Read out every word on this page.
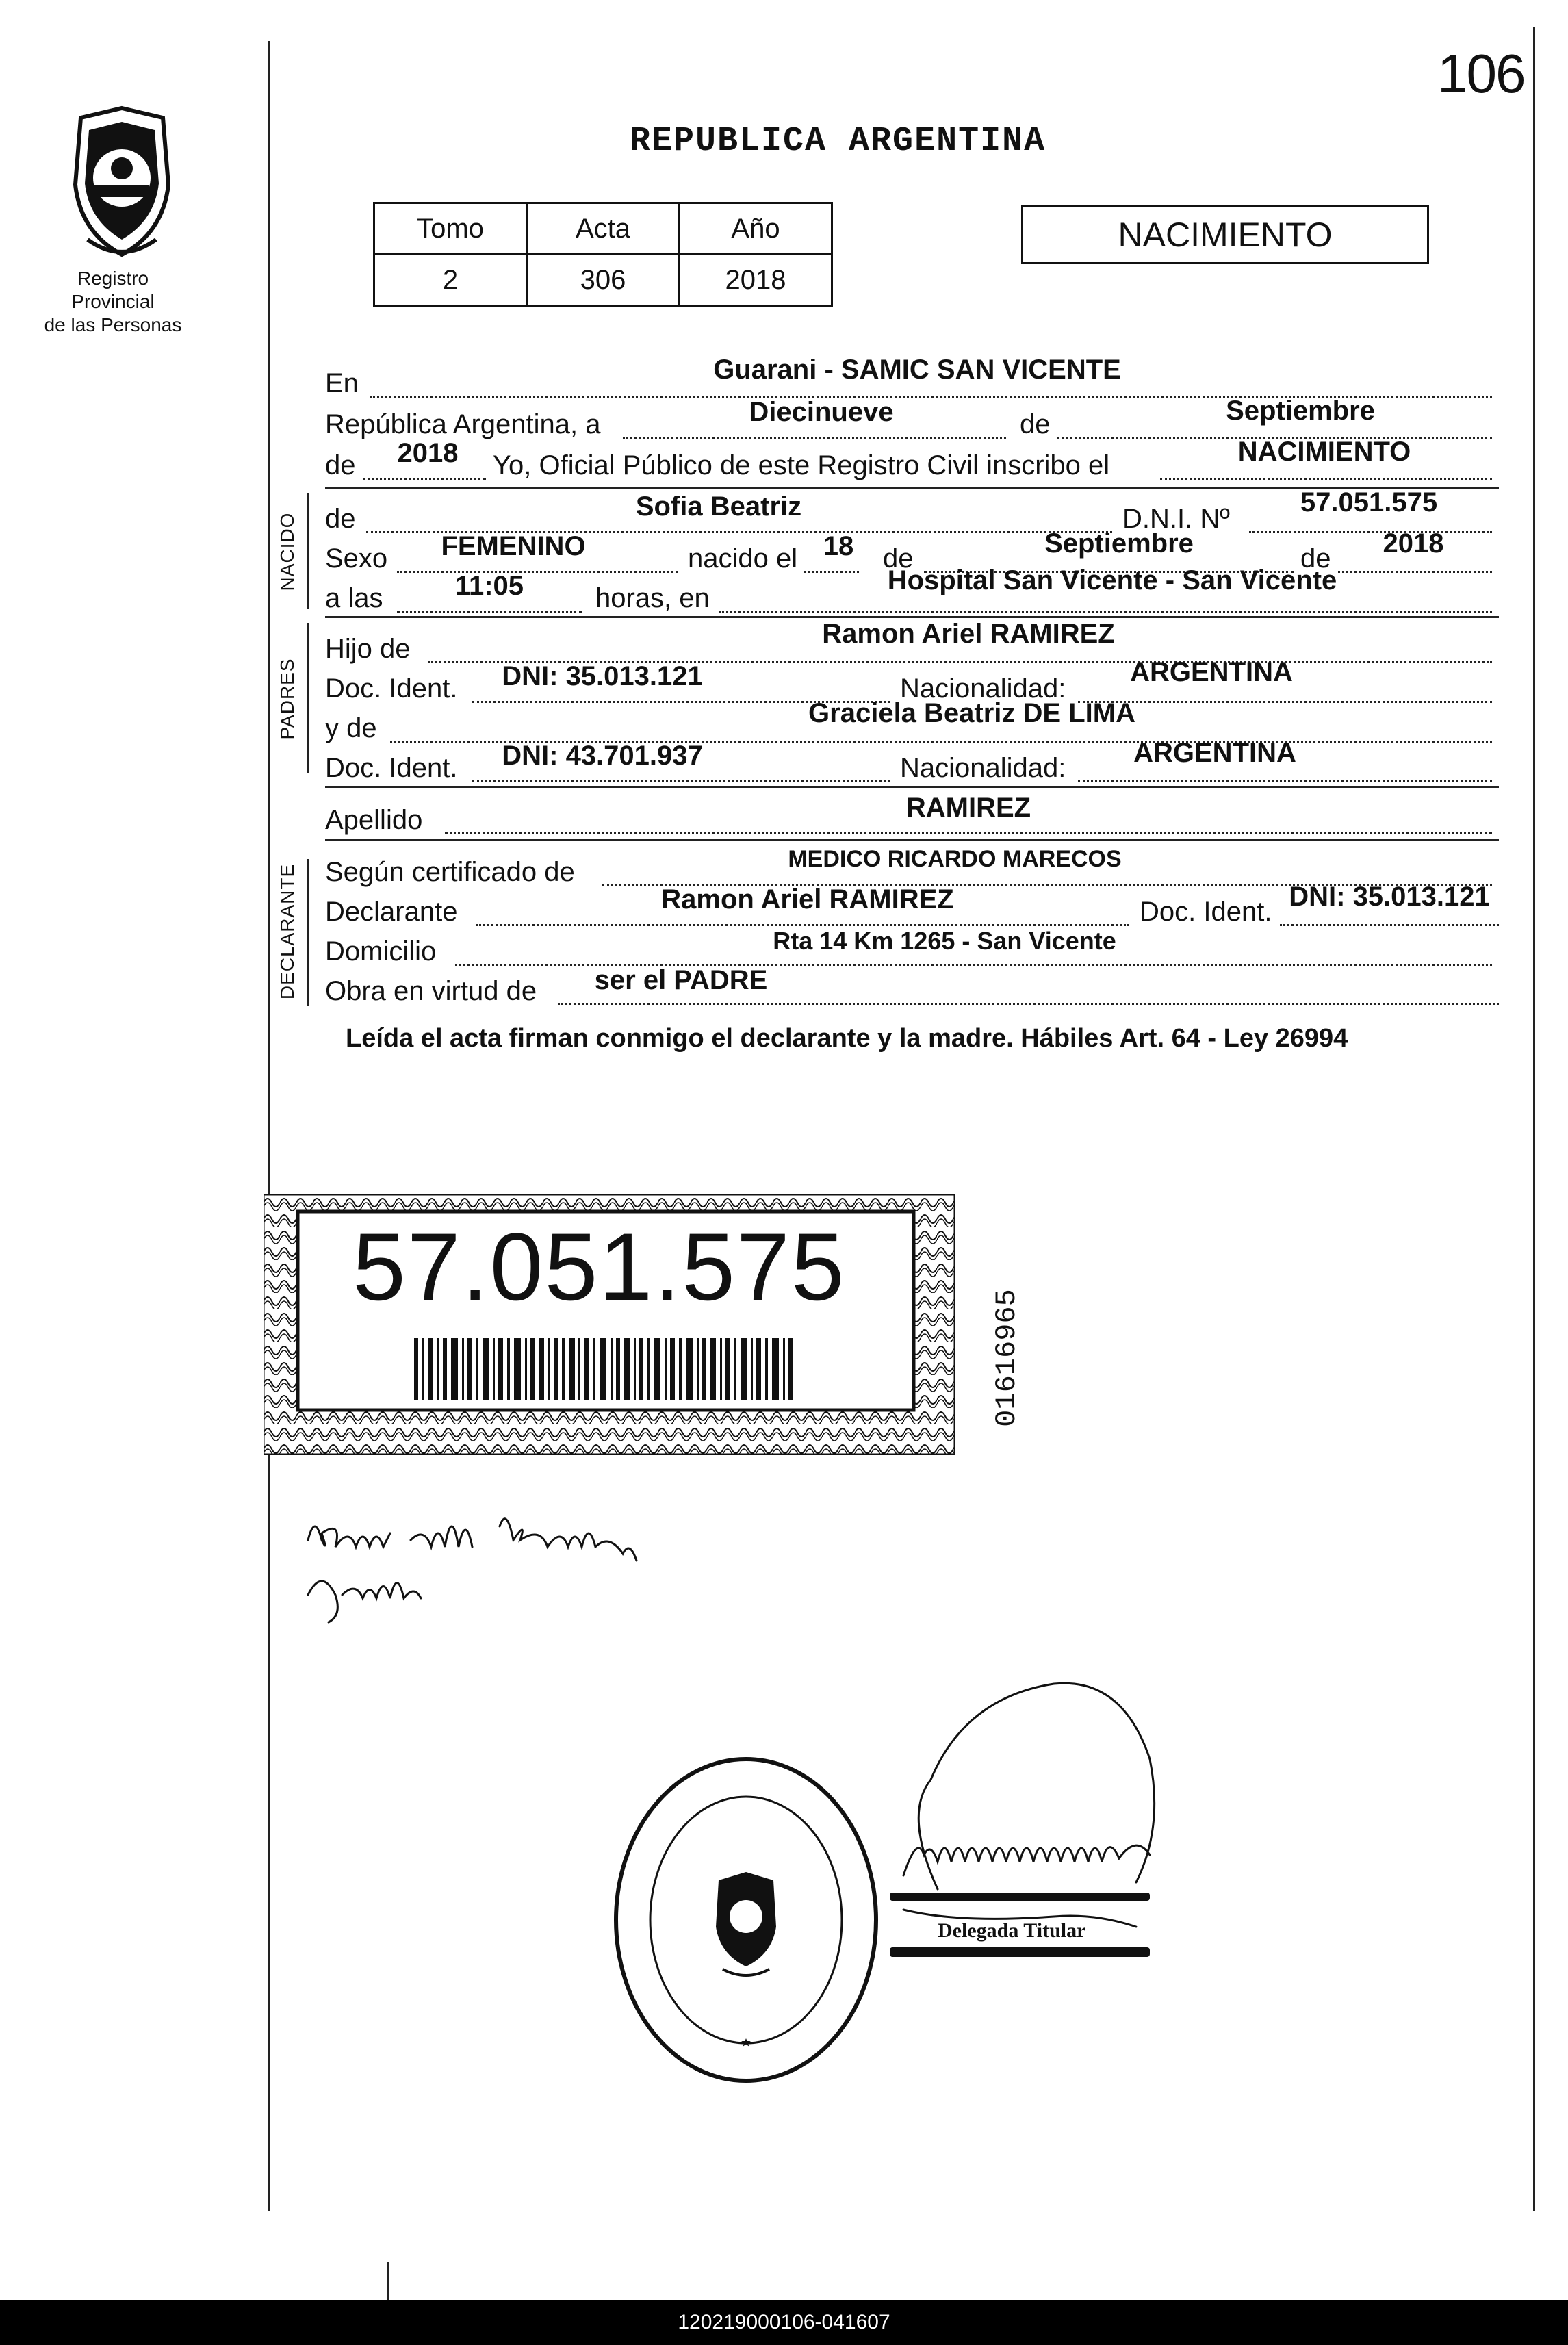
106
Registro Provincial
de las Personas
REPUBLICA ARGENTINA
Tomo	Acta	Año
2	306	2018
NACIMIENTO
En	Guarani - SAMIC SAN VICENTE
República Argentina, a	Diecinueve	de	Septiembre
de 2018 Yo, Oficial Público de este Registro Civil inscribo el	NACIMIENTO
NACIDO de	Sofia Beatriz	D.N.I. Nº
57.051.575
Sexo FEMENINO	nacido el 18 de	Septiembre	de 2018
a las	11:05	horas, en
Hospital San Vicente - San Vicente
PADRES
Hijo de	Ramon Ariel RAMIREZ
Doc. Ident. DNI: 35.013.121	Nacionalidad:
ARGENTINA
y de	Graciela Beatriz DE LIMA
Doc. Ident. DNI: 43.701.937	Nacionalidad: ARGENTINA
Apellido	RAMIREZ
DECLARANTE Según certificado de	MEDICO RICARDO MARECOS
Declarante	Ramon Ariel RAMIREZ	Doc. Ident. DNI: 35.013.121
Domicilio	Rta 14 Km 1265 - San Vicente
Obra en virtud de ser el PADRE
Leída el acta firman conmigo el declarante y la madre. Hábiles Art. 64 - Ley 26994
57.051.575
01616965
Delegada Titular
120219000106-041607
